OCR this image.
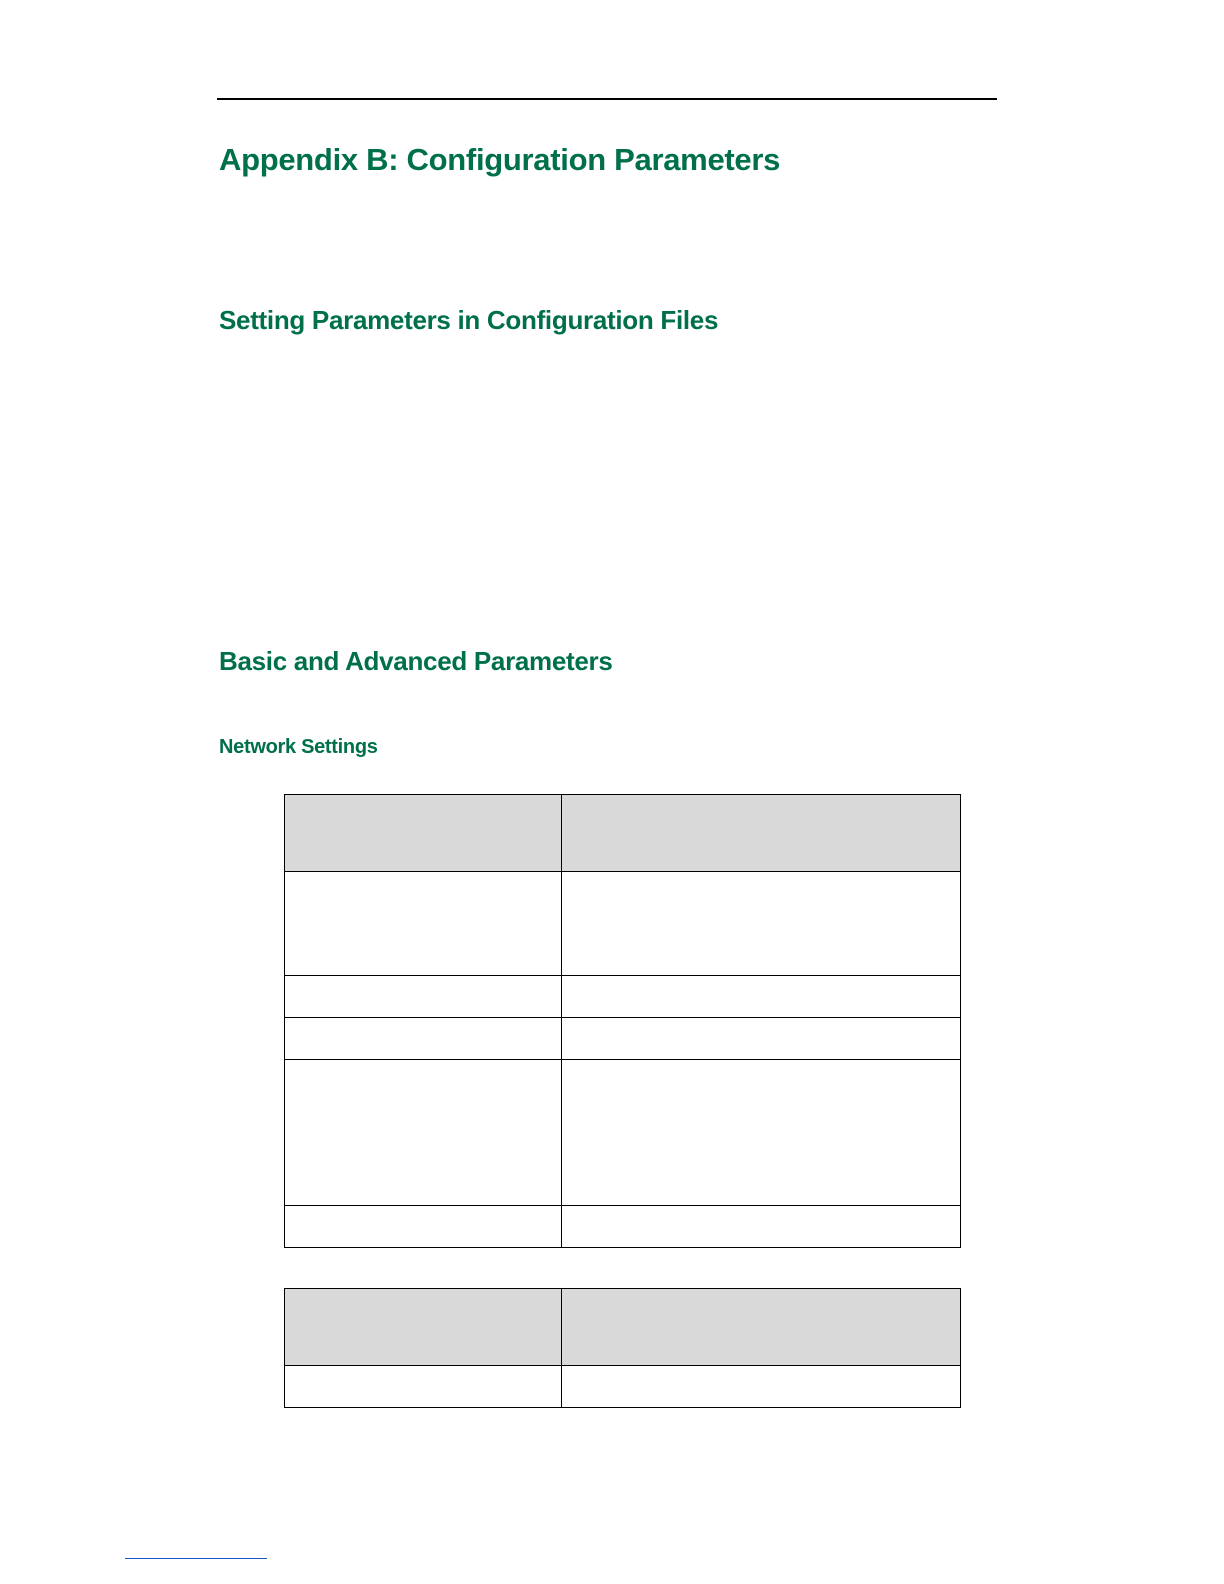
Appendix B: Configuration Parameters
Setting Parameters in Configuration Files
Basic and Advanced Parameters
Network Settings
